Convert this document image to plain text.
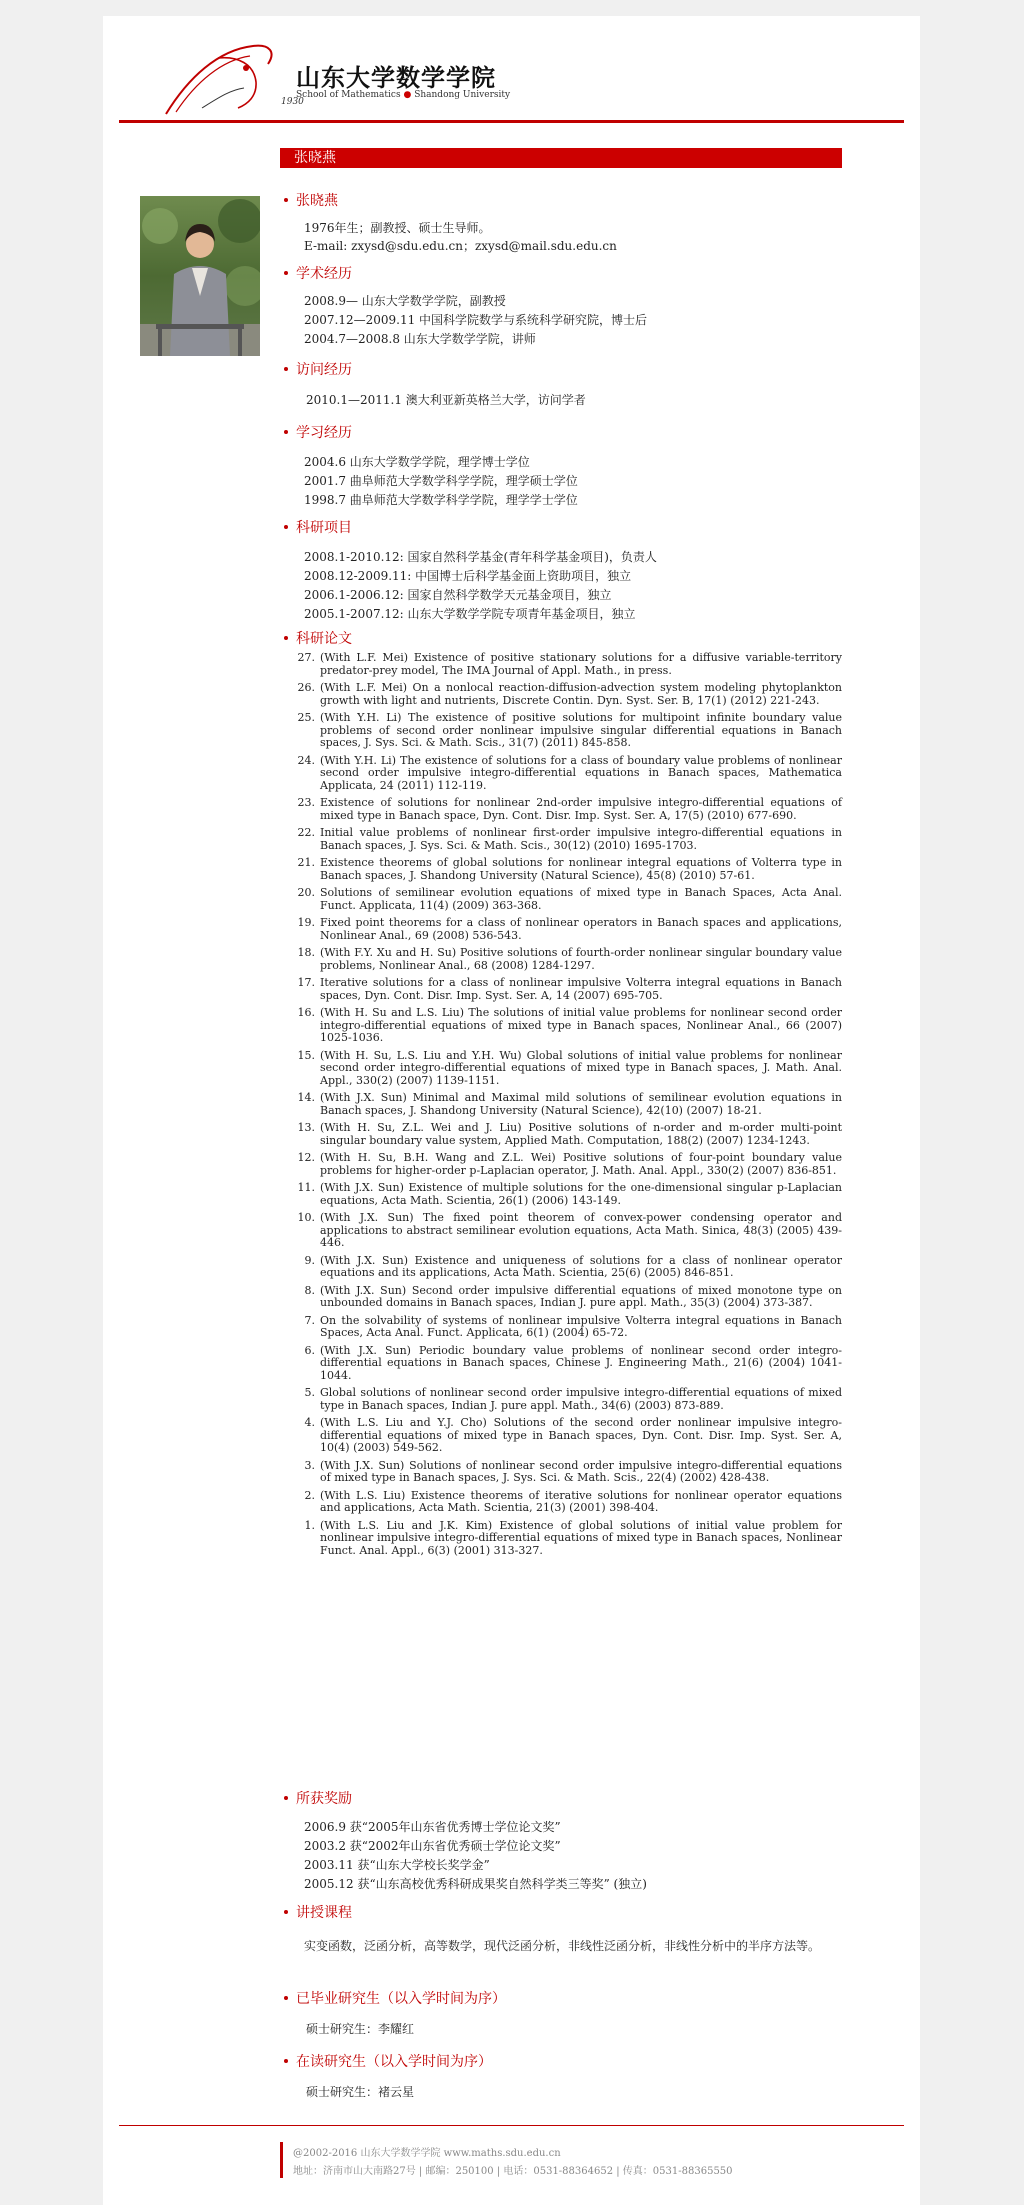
1930
山东大学数学学院
School of Mathematics ● Shandong University
张晓燕
张晓燕
1976年生；副教授、硕士生导师。
E-mail: zxysd@sdu.edu.cn；zxysd@mail.sdu.edu.cn
学术经历
2008.9— 山东大学数学学院，副教授
2007.12—2009.11 中国科学院数学与系统科学研究院，博士后
2004.7—2008.8 山东大学数学学院，讲师
访问经历
2010.1—2011.1 澳大利亚新英格兰大学，访问学者
学习经历
2004.6 山东大学数学学院，理学博士学位
2001.7 曲阜师范大学数学科学学院，理学硕士学位
1998.7 曲阜师范大学数学科学学院，理学学士学位
科研项目
2008.1-2010.12: 国家自然科学基金(青年科学基金项目)，负责人
2008.12-2009.11: 中国博士后科学基金面上资助项目，独立
2006.1-2006.12: 国家自然科学数学天元基金项目，独立
2005.1-2007.12: 山东大学数学学院专项青年基金项目，独立
科研论文
27. (With L.F. Mei) Existence of positive stationary solutions for a diffusive variable-territory predator-prey model, The IMA Journal of Appl. Math., in press.
26. (With L.F. Mei) On a nonlocal reaction-diffusion-advection system modeling phytoplankton growth with light and nutrients, Discrete Contin. Dyn. Syst. Ser. B, 17(1) (2012) 221-243.
25. (With Y.H. Li) The existence of positive solutions for multipoint infinite boundary value problems of second order nonlinear impulsive singular differential equations in Banach spaces, J. Sys. Sci. & Math. Scis., 31(7) (2011) 845-858.
24. (With Y.H. Li) The existence of solutions for a class of boundary value problems of nonlinear second order impulsive integro-differential equations in Banach spaces, Mathematica Applicata, 24 (2011) 112-119.
23. Existence of solutions for nonlinear 2nd-order impulsive integro-differential equations of mixed type in Banach space, Dyn. Cont. Disr. Imp. Syst. Ser. A, 17(5) (2010) 677-690.
22. Initial value problems of nonlinear first-order impulsive integro-differential equations in Banach spaces, J. Sys. Sci. & Math. Scis., 30(12) (2010) 1695-1703.
21. Existence theorems of global solutions for nonlinear integral equations of Volterra type in Banach spaces, J. Shandong University (Natural Science), 45(8) (2010) 57-61.
20. Solutions of semilinear evolution equations of mixed type in Banach Spaces, Acta Anal. Funct. Applicata, 11(4) (2009) 363-368.
19. Fixed point theorems for a class of nonlinear operators in Banach spaces and applications, Nonlinear Anal., 69 (2008) 536-543.
18. (With F.Y. Xu and H. Su) Positive solutions of fourth-order nonlinear singular boundary value problems, Nonlinear Anal., 68 (2008) 1284-1297.
17. Iterative solutions for a class of nonlinear impulsive Volterra integral equations in Banach spaces, Dyn. Cont. Disr. Imp. Syst. Ser. A, 14 (2007) 695-705.
16. (With H. Su and L.S. Liu) The solutions of initial value problems for nonlinear second order integro-differential equations of mixed type in Banach spaces, Nonlinear Anal., 66 (2007) 1025-1036.
15. (With H. Su, L.S. Liu and Y.H. Wu) Global solutions of initial value problems for nonlinear second order integro-differential equations of mixed type in Banach spaces, J. Math. Anal. Appl., 330(2) (2007) 1139-1151.
14. (With J.X. Sun) Minimal and Maximal mild solutions of semilinear evolution equations in Banach spaces, J. Shandong University (Natural Science), 42(10) (2007) 18-21.
13. (With H. Su, Z.L. Wei and J. Liu) Positive solutions of n-order and m-order multi-point singular boundary value system, Applied Math. Computation, 188(2) (2007) 1234-1243.
12. (With H. Su, B.H. Wang and Z.L. Wei) Positive solutions of four-point boundary value problems for higher-order p-Laplacian operator, J. Math. Anal. Appl., 330(2) (2007) 836-851.
11. (With J.X. Sun) Existence of multiple solutions for the one-dimensional singular p-Laplacian equations, Acta Math. Scientia, 26(1) (2006) 143-149.
10. (With J.X. Sun) The fixed point theorem of convex-power condensing operator and applications to abstract semilinear evolution equations, Acta Math. Sinica, 48(3) (2005) 439-446.
9. (With J.X. Sun) Existence and uniqueness of solutions for a class of nonlinear operator equations and its applications, Acta Math. Scientia, 25(6) (2005) 846-851.
8. (With J.X. Sun) Second order impulsive differential equations of mixed monotone type on unbounded domains in Banach spaces, Indian J. pure appl. Math., 35(3) (2004) 373-387.
7. On the solvability of systems of nonlinear impulsive Volterra integral equations in Banach Spaces, Acta Anal. Funct. Applicata, 6(1) (2004) 65-72.
6. (With J.X. Sun) Periodic boundary value problems of nonlinear second order integro-differential equations in Banach spaces, Chinese J. Engineering Math., 21(6) (2004) 1041-1044.
5. Global solutions of nonlinear second order impulsive integro-differential equations of mixed type in Banach spaces, Indian J. pure appl. Math., 34(6) (2003) 873-889.
4. (With L.S. Liu and Y.J. Cho) Solutions of the second order nonlinear impulsive integro-differential equations of mixed type in Banach spaces, Dyn. Cont. Disr. Imp. Syst. Ser. A, 10(4) (2003) 549-562.
3. (With J.X. Sun) Solutions of nonlinear second order impulsive integro-differential equations of mixed type in Banach spaces, J. Sys. Sci. & Math. Scis., 22(4) (2002) 428-438.
2. (With L.S. Liu) Existence theorems of iterative solutions for nonlinear operator equations and applications, Acta Math. Scientia, 21(3) (2001) 398-404.
1. (With L.S. Liu and J.K. Kim) Existence of global solutions of initial value problem for nonlinear impulsive integro-differential equations of mixed type in Banach spaces, Nonlinear Funct. Anal. Appl., 6(3) (2001) 313-327.
所获奖励
2006.9 获“2005年山东省优秀博士学位论文奖”
2003.2 获“2002年山东省优秀硕士学位论文奖”
2003.11 获“山东大学校长奖学金”
2005.12 获“山东高校优秀科研成果奖自然科学类三等奖” (独立)
讲授课程
实变函数，泛函分析，高等数学，现代泛函分析，非线性泛函分析，非线性分析中的半序方法等。
已毕业研究生（以入学时间为序）
硕士研究生：李耀红
在读研究生（以入学时间为序）
硕士研究生：褚云星
@2002-2016 山东大学数学学院 www.maths.sdu.edu.cn
地址：济南市山大南路27号 | 邮编：250100 | 电话：0531-88364652 | 传真：0531-88365550
